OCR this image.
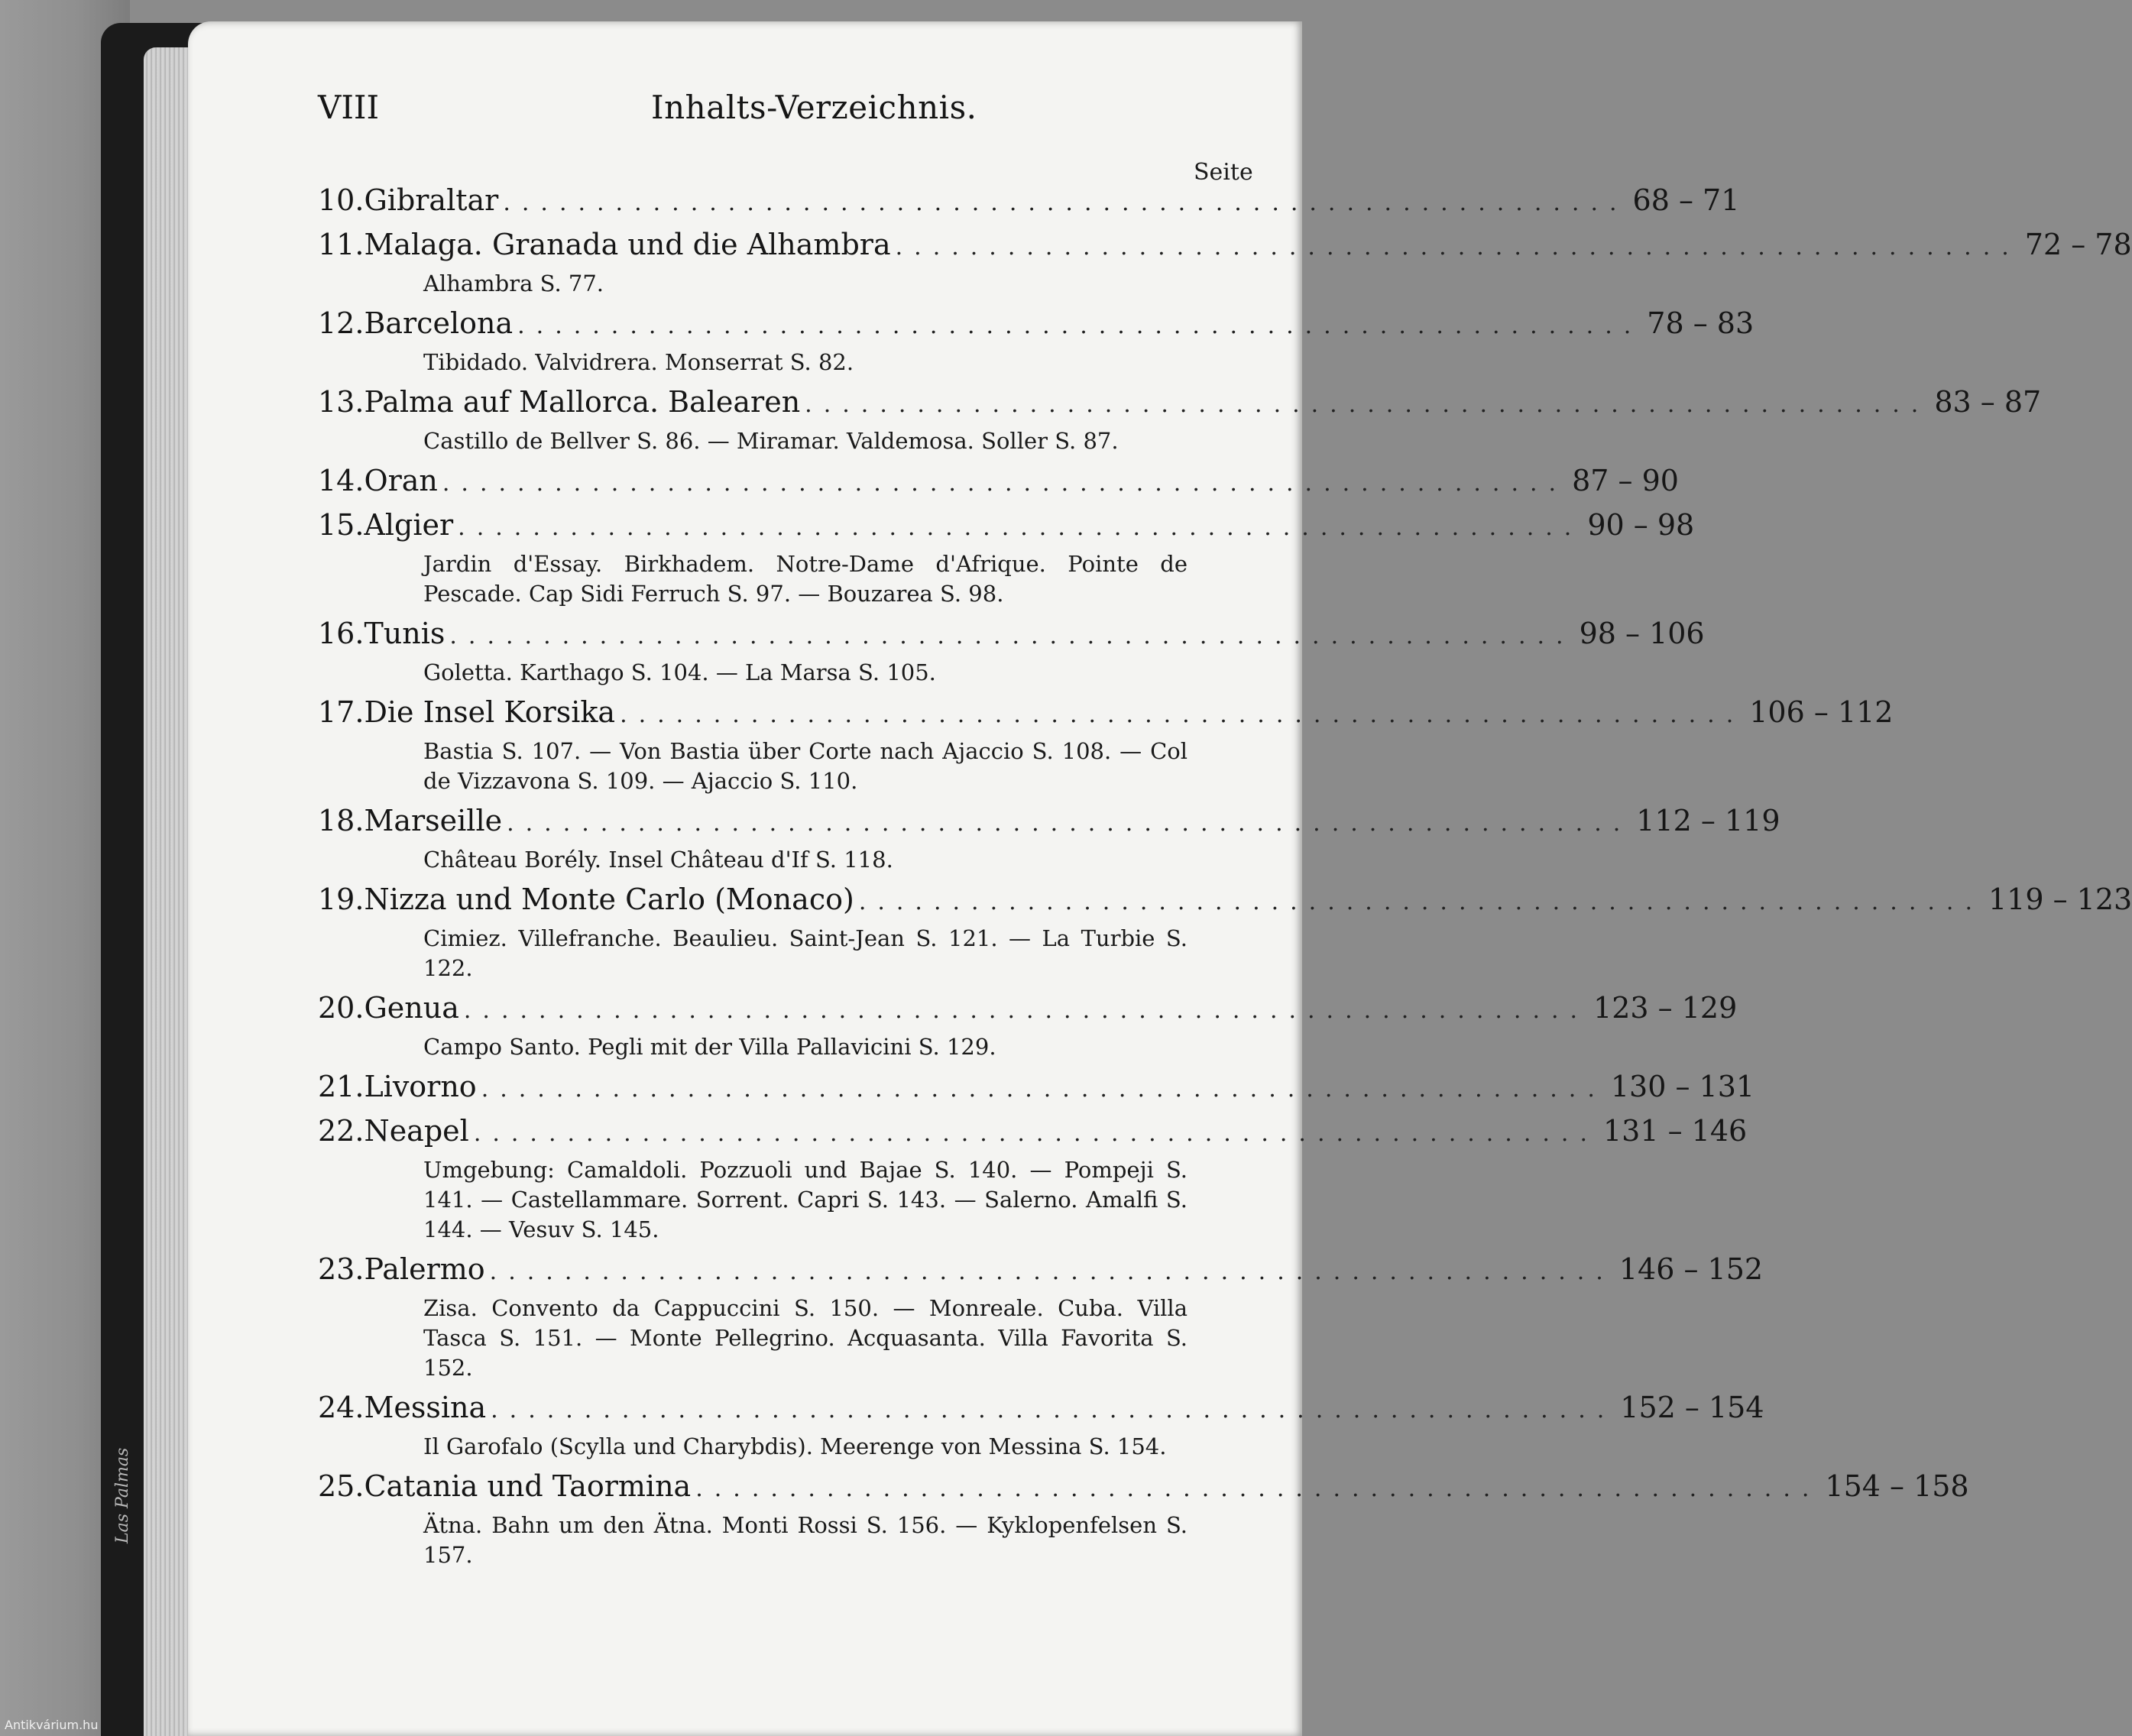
Las Palmas
VIII	Inhalts-Verzeichnis.
Seite
10. Gibraltar ............................................................ 68 – 71
11. Malaga. Granada und die Alhambra ............................................................ 72 – 78
Alhambra S. 77.
12. Barcelona ............................................................ 78 – 83
Tibidado. Valvidrera. Monserrat S. 82.
13. Palma auf Mallorca. Balearen ............................................................ 83 – 87
Castillo de Bellver S. 86. — Miramar. Valdemosa. Soller S. 87.
14. Oran ............................................................ 87 – 90
15. Algier ............................................................ 90 – 98
Jardin d'Essay. Birkhadem. Notre-Dame d'Afrique. Pointe de Pescade. Cap Sidi Ferruch S. 97. — Bouzarea S. 98.
16. Tunis ............................................................ 98 – 106
Goletta. Karthago S. 104. — La Marsa S. 105.
17. Die Insel Korsika ............................................................ 106 – 112
Bastia S. 107. — Von Bastia über Corte nach Ajaccio S. 108. — Col de Vizzavona S. 109. — Ajaccio S. 110.
18. Marseille ............................................................ 112 – 119
Château Borély. Insel Château d'If S. 118.
19. Nizza und Monte Carlo (Monaco) ............................................................ 119 – 123
Cimiez. Villefranche. Beaulieu. Saint-Jean S. 121. — La Turbie S. 122.
20. Genua ............................................................ 123 – 129
Campo Santo. Pegli mit der Villa Pallavicini S. 129.
21. Livorno ............................................................ 130 – 131
22. Neapel ............................................................ 131 – 146
Umgebung: Camaldoli. Pozzuoli und Bajae S. 140. — Pompeji S. 141. — Castellammare. Sorrent. Capri S. 143. — Salerno. Amalfi S. 144. — Vesuv S. 145.
23. Palermo ............................................................ 146 – 152
Zisa. Convento da Cappuccini S. 150. — Monreale. Cuba. Villa Tasca S. 151. — Monte Pellegrino. Acquasanta. Villa Favorita S. 152.
24. Messina ............................................................ 152 – 154
Il Garofalo (Scylla und Charybdis). Meerenge von Messina S. 154.
25. Catania und Taormina ............................................................ 154 – 158
Ätna. Bahn um den Ätna. Monti Rossi S. 156. — Kyklopenfelsen S. 157.
Antikvárium.hu
